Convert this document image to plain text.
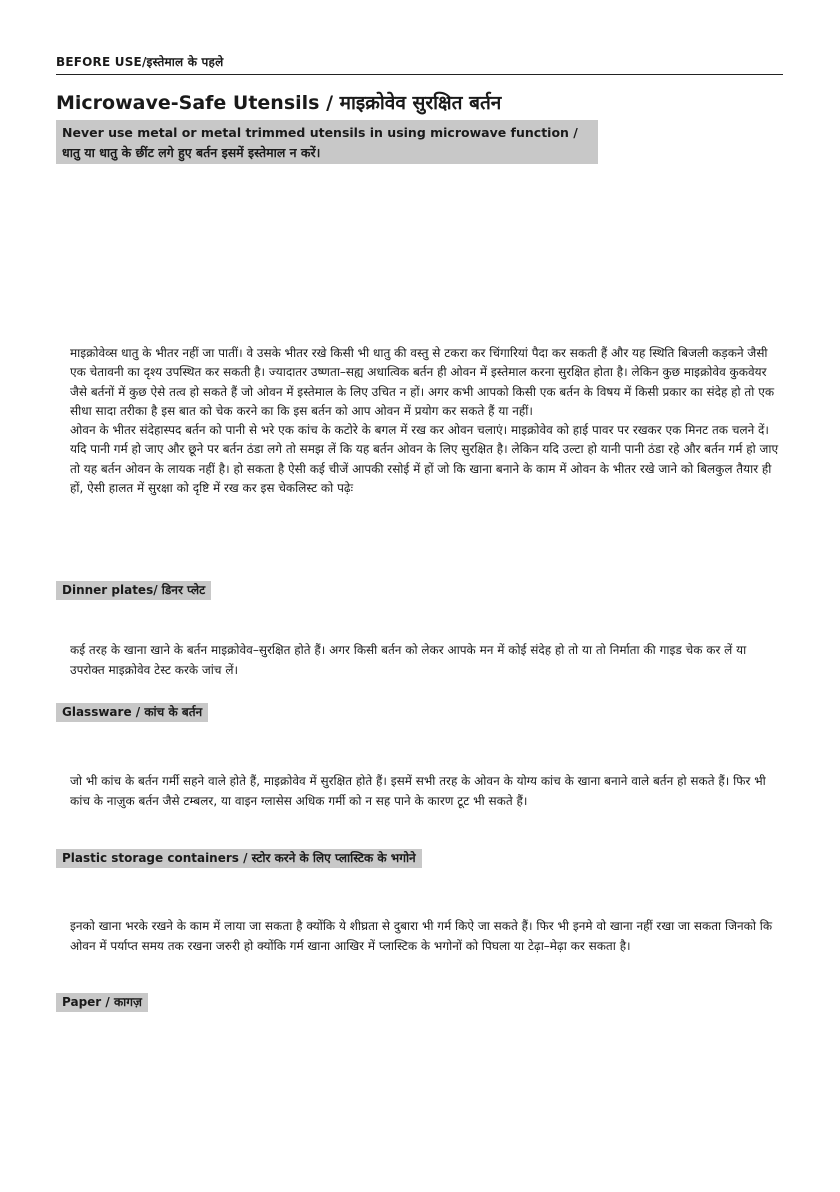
BEFORE USE/इस्तेमाल के पहले
Microwave-Safe Utensils / माइक्रोवेव सुरक्षित बर्तन
Never use metal or metal trimmed utensils in using microwave function /
धातु या धातु के छींट लगे हुए बर्तन इसमें इस्तेमाल न करें।

माइक्रोवेव्स धातु के भीतर नहीं जा पातीं। वे उसके भीतर रखे किसी भी धातु की वस्तु से टकरा कर चिंगारियां पैदा कर सकती हैं और यह स्थिति बिजली कड़कने जैसी एक चेतावनी का दृश्य उपस्थित कर सकती है। ज्यादातर उष्णता–सह्य अधात्विक बर्तन ही ओवन में इस्तेमाल करना सुरक्षित होता है। लेकिन कुछ माइक्रोवेव कुकवेयर जैसे बर्तनों में कुछ ऐसे तत्व हो सकते हैं जो ओवन में इस्तेमाल के लिए उचित न हों। अगर कभी आपको किसी एक बर्तन के विषय में किसी प्रकार का संदेह हो तो एक सीधा सादा तरीका है इस बात को चेक करने का कि इस बर्तन को आप ओवन में प्रयोग कर सकते हैं या नहीं।

ओवन के भीतर संदेहास्पद बर्तन को पानी से भरे एक कांच के कटोरे के बगल में रख कर ओवन चलाएं। माइक्रोवेव को हाई पावर पर रखकर एक मिनट तक चलने दें। यदि पानी गर्म हो जाए और छूने पर बर्तन ठंडा लगे तो समझ लें कि यह बर्तन ओवन के लिए सुरक्षित है। लेकिन यदि उल्टा हो यानी पानी ठंडा रहे और बर्तन गर्म हो जाए तो यह बर्तन ओवन के लायक नहीं है। हो सकता है ऐसी कई चीजें आपकी रसोई में हों जो कि खाना बनाने के काम में ओवन के भीतर रखे जाने को बिलकुल तैयार ही हों, ऐसी हालत में सुरक्षा को दृष्टि में रख कर इस चेकलिस्ट को पढ़ेः

Dinner plates/ डिनर प्लेट

कई तरह के खाना खाने के बर्तन माइक्रोवेव–सुरक्षित होते हैं। अगर किसी बर्तन को लेकर आपके मन में कोई संदेह हो तो या तो निर्माता की गाइड चेक कर लें या उपरोक्त माइक्रोवेव टेस्ट करके जांच लें।

Glassware / कांच के बर्तन

जो भी कांच के बर्तन गर्मी सहने वाले होते हैं, माइक्रोवेव में सुरक्षित होते हैं। इसमें सभी तरह के ओवन के योग्य कांच के खाना बनाने वाले बर्तन हो सकते हैं। फिर भी कांच के नाज़ुक बर्तन जैसे टम्बलर, या वाइन ग्लासेस अधिक गर्मी को न सह पाने के कारण टूट भी सकते हैं।

Plastic storage containers / स्टोर करने के लिए प्लास्टिक के भगोने

इनको खाना भरके रखने के काम में लाया जा सकता है क्योंकि ये शीघ्रता से दुबारा भी गर्म किऐ जा सकते हैं। फिर भी इनमे वो खाना नहीं रखा जा सकता जिनको कि ओवन में पर्याप्त समय तक रखना जरुरी हो क्योंकि गर्म खाना आखिर में प्लास्टिक के भगोनों को पिघला या टेढ़ा–मेढ़ा कर सकता है।

Paper / कागज़
